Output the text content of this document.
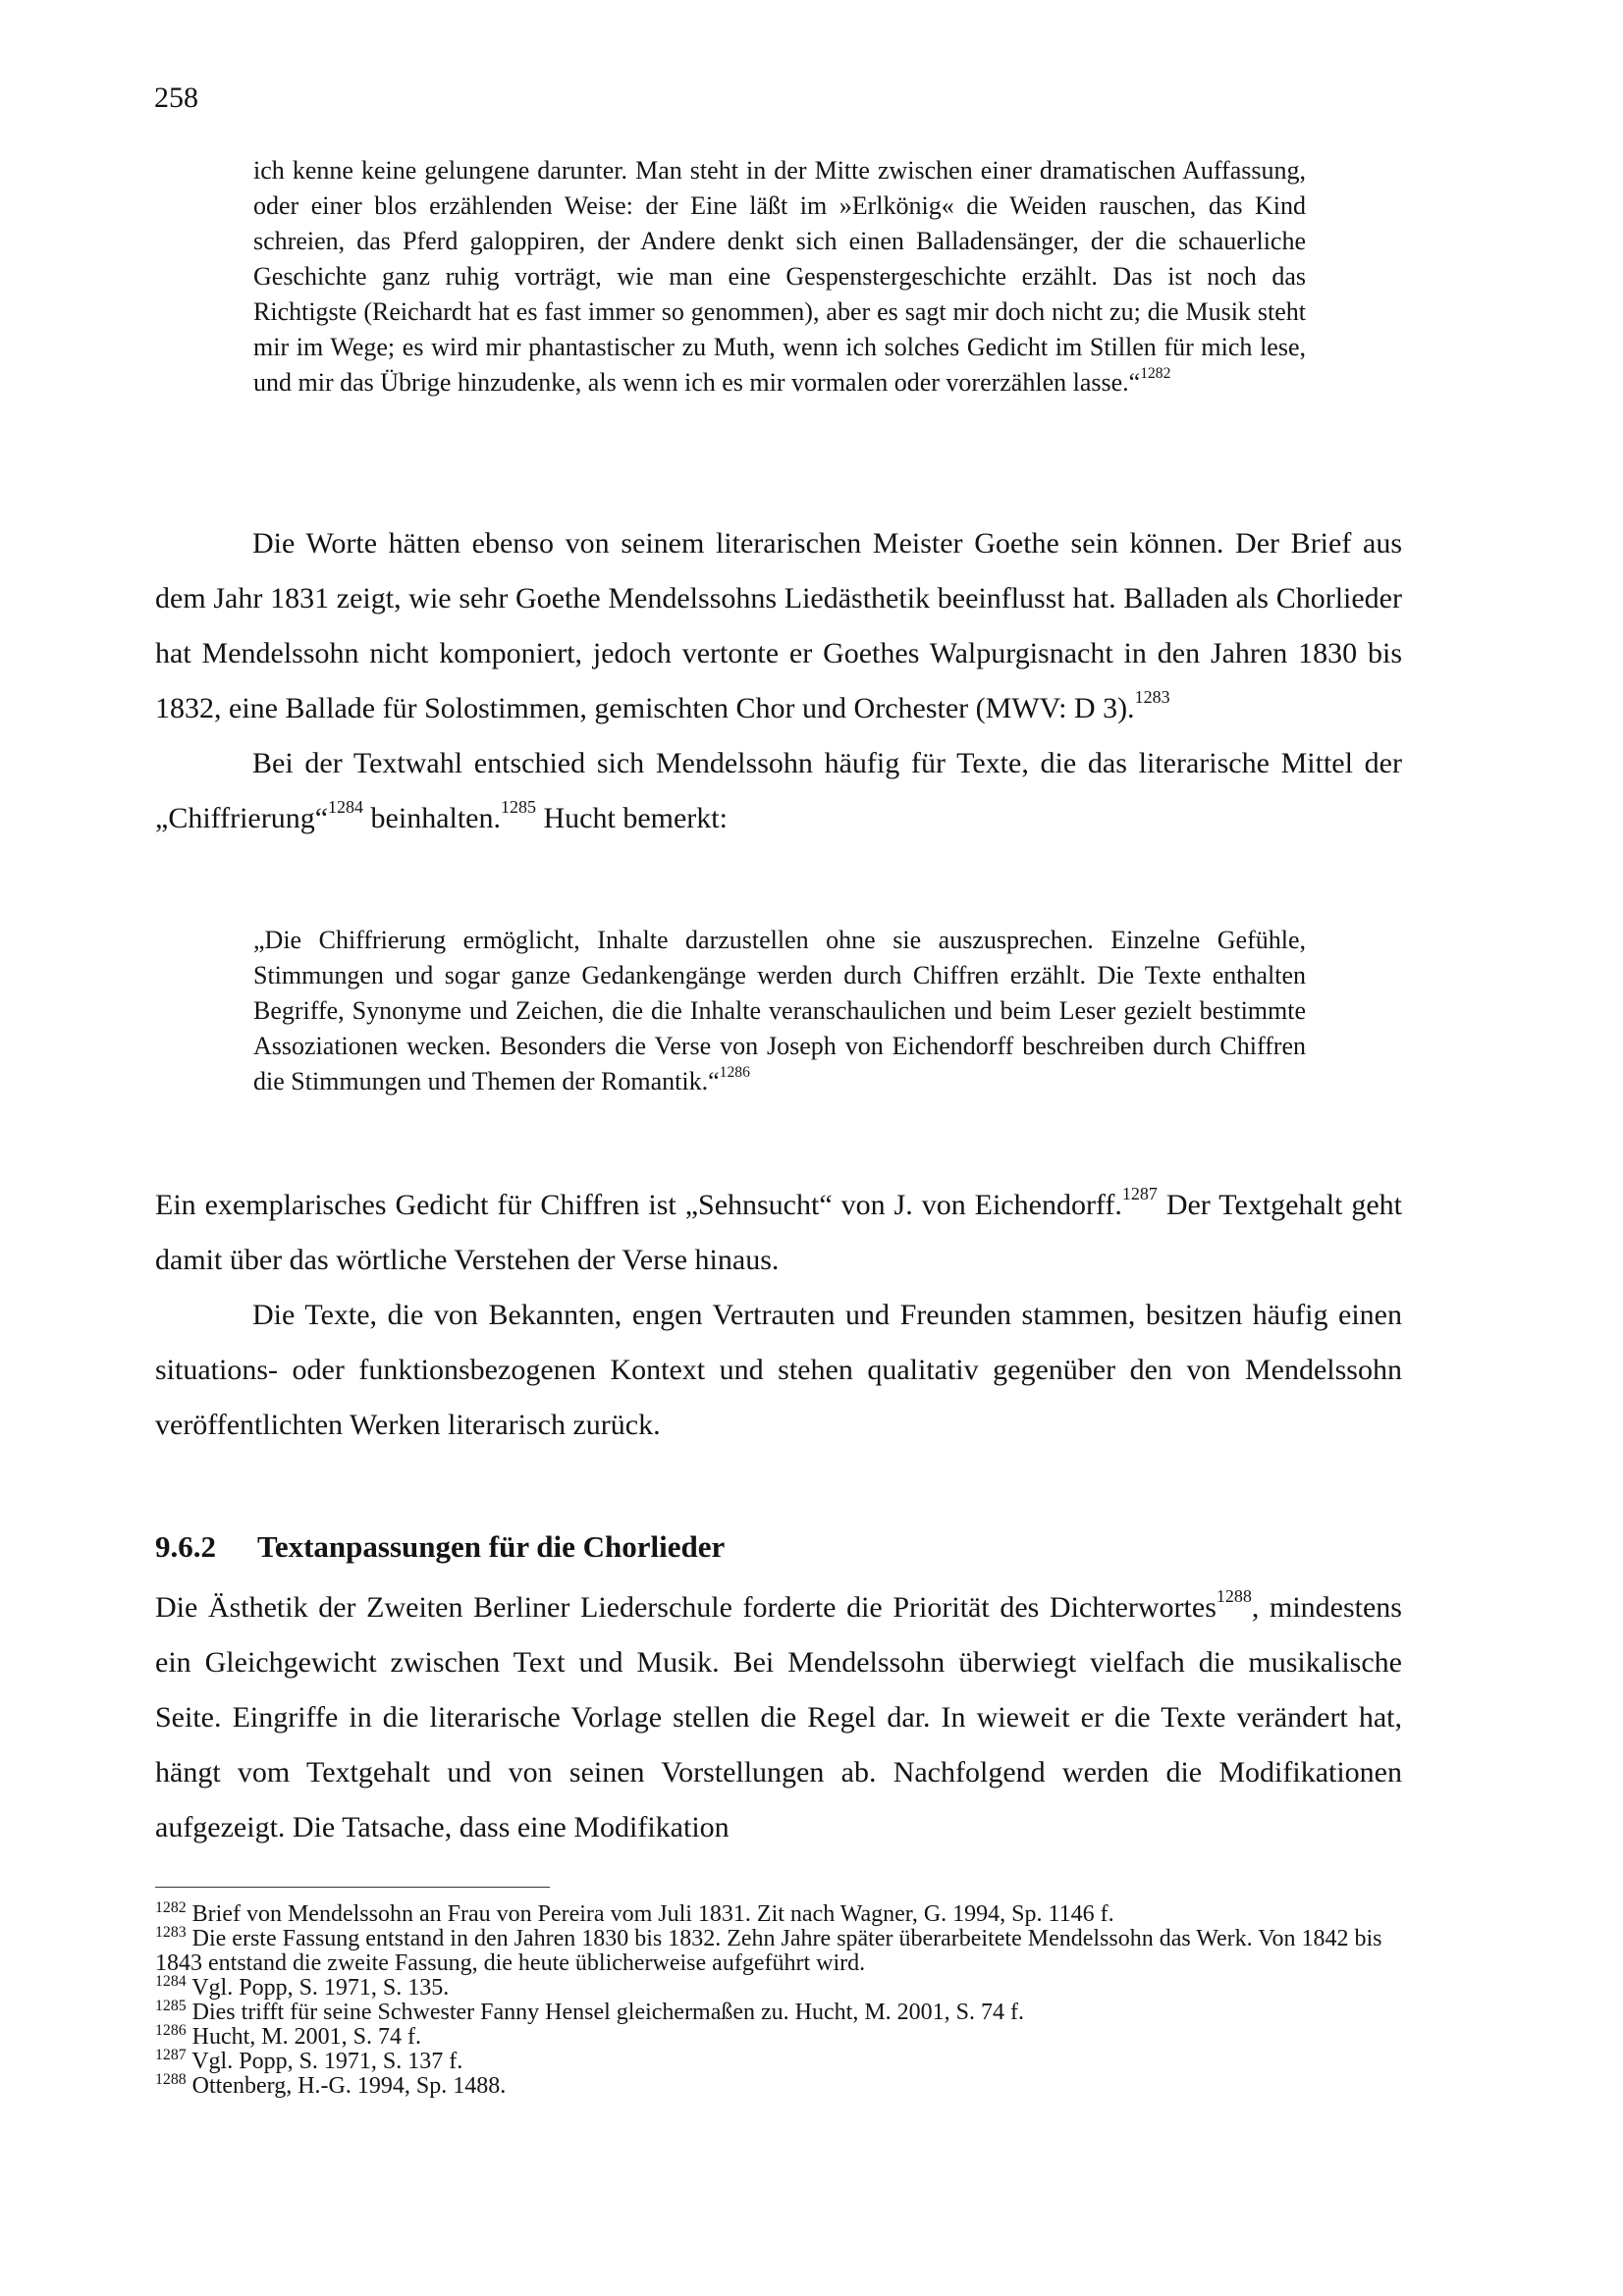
258
ich kenne keine gelungene darunter. Man steht in der Mitte zwischen einer dramatischen Auffassung, oder einer blos erzählenden Weise: der Eine läßt im »Erlkönig« die Weiden rauschen, das Kind schreien, das Pferd galoppiren, der Andere denkt sich einen Balladensänger, der die schauerliche Geschichte ganz ruhig vorträgt, wie man eine Gespenstergeschichte erzählt. Das ist noch das Richtigste (Reichardt hat es fast immer so genommen), aber es sagt mir doch nicht zu; die Musik steht mir im Wege; es wird mir phantastischer zu Muth, wenn ich solches Gedicht im Stillen für mich lese, und mir das Übrige hinzudenke, als wenn ich es mir vormalen oder vorerzählen lasse.“$^{1282}$

Die Worte hätten ebenso von seinem literarischen Meister Goethe sein können. Der Brief aus dem Jahr 1831 zeigt, wie sehr Goethe Mendelssohns Liedästhetik beeinflusst hat. Balladen als Chorlieder hat Mendelssohn nicht komponiert, jedoch vertonte er Goethes Walpurgisnacht in den Jahren 1830 bis 1832, eine Ballade für Solostimmen, gemischten Chor und Orchester (MWV: D 3).$^{1283}$

Bei der Textwahl entschied sich Mendelssohn häufig für Texte, die das literarische Mittel der „Chiffrierung“$^{1284}$ beinhalten.$^{1285}$ Hucht bemerkt:

„Die Chiffrierung ermöglicht, Inhalte darzustellen ohne sie auszusprechen. Einzelne Gefühle, Stimmungen und sogar ganze Gedankengänge werden durch Chiffren erzählt. Die Texte enthalten Begriffe, Synonyme und Zeichen, die die Inhalte veranschaulichen und beim Leser gezielt bestimmte Assoziationen wecken. Besonders die Verse von Joseph von Eichendorff beschreiben durch Chiffren die Stimmungen und Themen der Romantik.“$^{1286}$

Ein exemplarisches Gedicht für Chiffren ist „Sehnsucht“ von J. von Eichendorff.$^{1287}$ Der Textgehalt geht damit über das wörtliche Verstehen der Verse hinaus.

Die Texte, die von Bekannten, engen Vertrauten und Freunden stammen, besitzen häufig einen situations- oder funktionsbezogenen Kontext und stehen qualitativ gegenüber den von Mendelssohn veröffentlichten Werken literarisch zurück.

9.6.2 Textanpassungen für die Chorlieder

Die Ästhetik der Zweiten Berliner Liederschule forderte die Priorität des Dichterwortes$^{1288}$, mindestens ein Gleichgewicht zwischen Text und Musik. Bei Mendelssohn überwiegt vielfach die musikalische Seite. Eingriffe in die literarische Vorlage stellen die Regel dar. In wieweit er die Texte verändert hat, hängt vom Textgehalt und von seinen Vorstellungen ab. Nachfolgend werden die Modifikationen aufgezeigt. Die Tatsache, dass eine Modifikation

$^{1282}$ Brief von Mendelssohn an Frau von Pereira vom Juli 1831. Zit nach Wagner, G. 1994, Sp. 1146 f.

$^{1283}$ Die erste Fassung entstand in den Jahren 1830 bis 1832. Zehn Jahre später überarbeitete Mendelssohn das Werk. Von 1842 bis 1843 entstand die zweite Fassung, die heute üblicherweise aufgeführt wird.

$^{1284}$ Vgl. Popp, S. 1971, S. 135.

$^{1285}$ Dies trifft für seine Schwester Fanny Hensel gleichermaßen zu. Hucht, M. 2001, S. 74 f.

$^{1286}$ Hucht, M. 2001, S. 74 f.

$^{1287}$ Vgl. Popp, S. 1971, S. 137 f.

$^{1288}$ Ottenberg, H.-G. 1994, Sp. 1488.
